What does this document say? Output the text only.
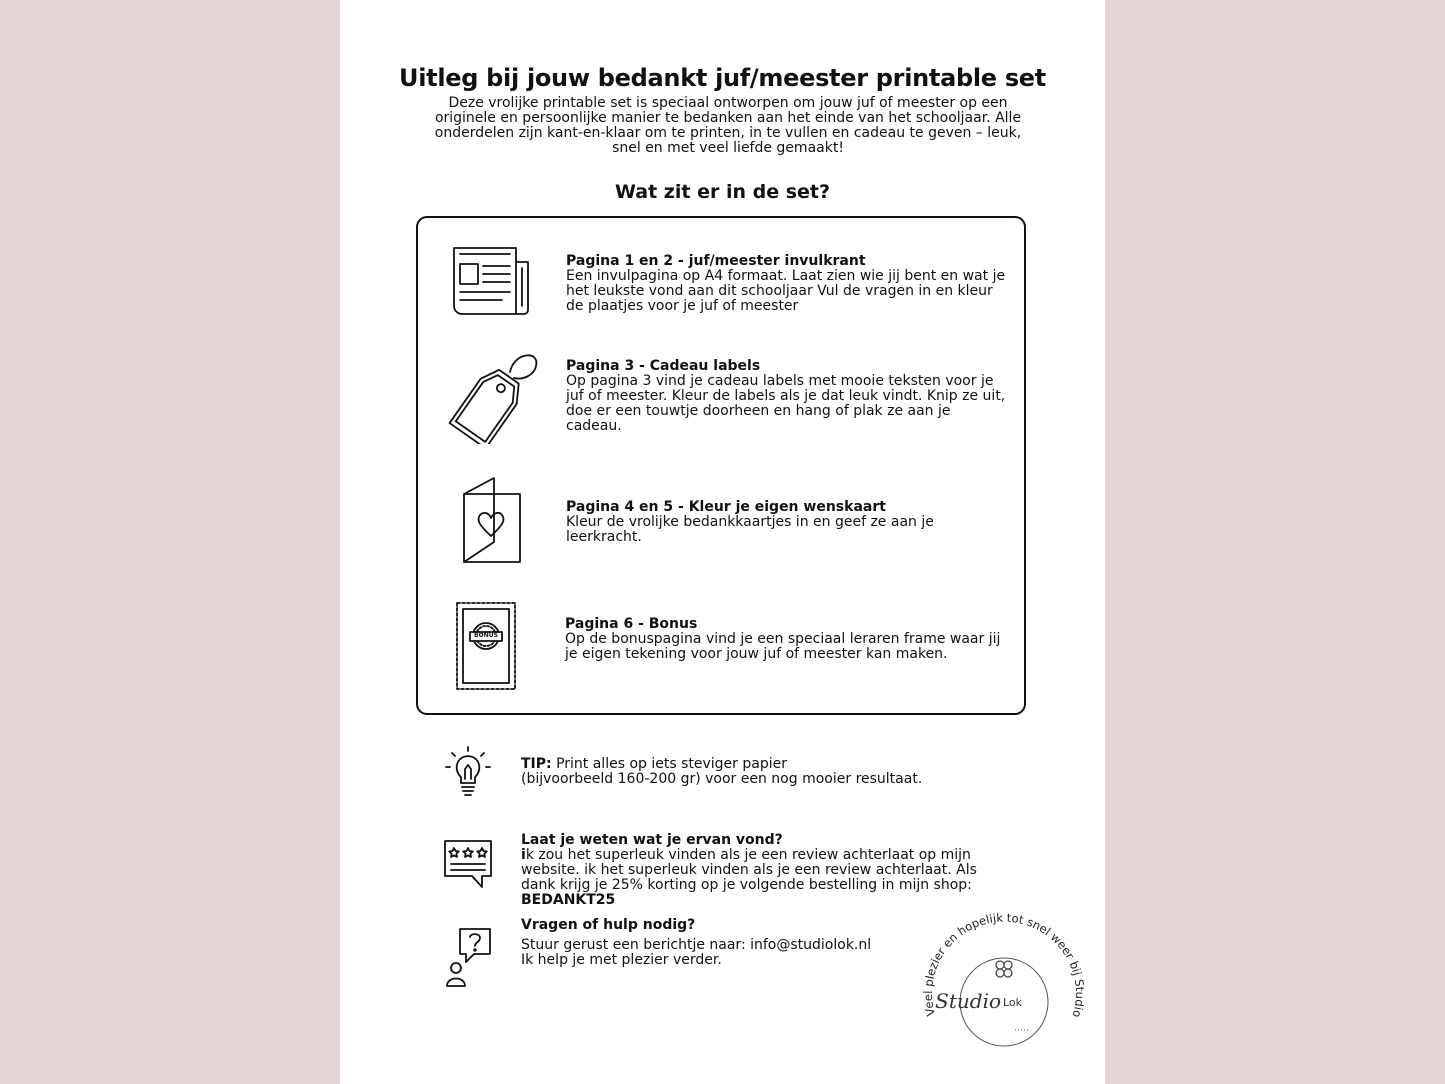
Uitleg bij jouw bedankt juf/meester printable set
Deze vrolijke printable set is speciaal ontworpen om jouw juf of meester op een originele en persoonlijke manier te bedanken aan het einde van het schooljaar. Alle onderdelen zijn kant-en-klaar om te printen, in te vullen en cadeau te geven – leuk, snel en met veel liefde gemaakt!
Wat zit er in de set?
Pagina 1 en 2 - juf/meester invulkrant
Een invulpagina op A4 formaat. Laat zien wie jij bent en wat je het leukste vond aan dit schooljaar Vul de vragen in en kleur de plaatjes voor je juf of meester
Pagina 3 - Cadeau labels
Op pagina 3 vind je cadeau labels met mooie teksten voor je juf of meester. Kleur de labels als je dat leuk vindt. Knip ze uit, doe er een touwtje doorheen en hang of plak ze aan je cadeau.
Pagina 4 en 5 - Kleur je eigen wenskaart
Kleur de vrolijke bedankkaartjes in en geef ze aan je leerkracht.
BONUS
Pagina 6 - Bonus
Op de bonuspagina vind je een speciaal leraren frame waar jij je eigen tekening voor jouw juf of meester kan maken.
TIP: Print alles op iets steviger papier
(bijvoorbeeld 160-200 gr) voor een nog mooier resultaat.
Laat je weten wat je ervan vond?
ik zou het superleuk vinden als je een review achterlaat op mijn website. ik het superleuk vinden als je een review achterlaat. Als dank krijg je 25% korting op je volgende bestelling in mijn shop:
BEDANKT25
Vragen of hulp nodig?
Stuur gerust een berichtje naar: info@studiolok.nl
Ik help je met plezier verder.
Veel plezier en hopelijk tot snel weer bij Studio
Studio Lok
